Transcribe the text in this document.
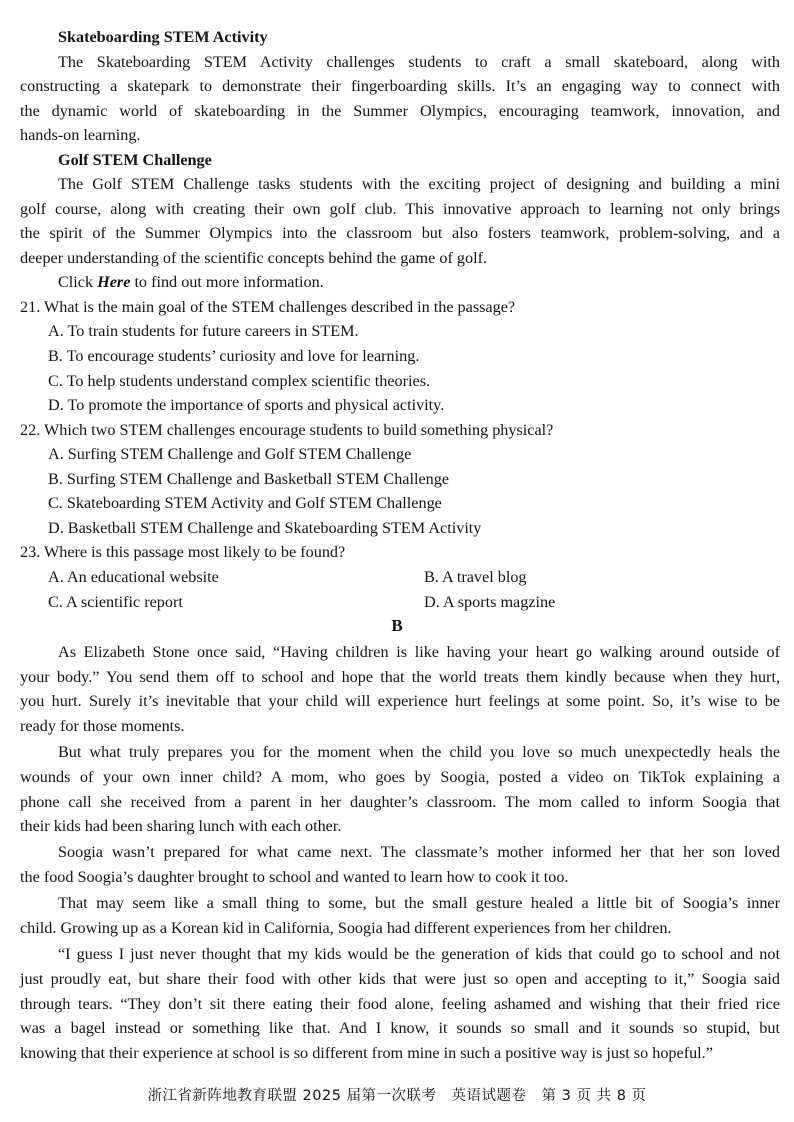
Skateboarding STEM Activity
The Skateboarding STEM Activity challenges students to craft a small skateboard, along with
constructing a skatepark to demonstrate their fingerboarding skills. It’s an engaging way to connect with
the dynamic world of skateboarding in the Summer Olympics, encouraging teamwork, innovation, and
hands-on learning.
Golf STEM Challenge
The Golf STEM Challenge tasks students with the exciting project of designing and building a mini
golf course, along with creating their own golf club. This innovative approach to learning not only brings
the spirit of the Summer Olympics into the classroom but also fosters teamwork, problem-solving, and a
deeper understanding of the scientific concepts behind the game of golf.
Click Here to find out more information.
21. What is the main goal of the STEM challenges described in the passage?
A. To train students for future careers in STEM.
B. To encourage students’ curiosity and love for learning.
C. To help students understand complex scientific theories.
D. To promote the importance of sports and physical activity.
22. Which two STEM challenges encourage students to build something physical?
A. Surfing STEM Challenge and Golf STEM Challenge
B. Surfing STEM Challenge and Basketball STEM Challenge
C. Skateboarding STEM Activity and Golf STEM Challenge
D. Basketball STEM Challenge and Skateboarding STEM Activity
23. Where is this passage most likely to be found?
A. An educational website	B. A travel blog
C. A scientific report	D. A sports magzine
B
As Elizabeth Stone once said, “Having children is like having your heart go walking around outside of
your body.” You send them off to school and hope that the world treats them kindly because when they hurt,
you hurt. Surely it’s inevitable that your child will experience hurt feelings at some point. So, it’s wise to be
ready for those moments.
But what truly prepares you for the moment when the child you love so much unexpectedly heals the
wounds of your own inner child? A mom, who goes by Soogia, posted a video on TikTok explaining a
phone call she received from a parent in her daughter’s classroom. The mom called to inform Soogia that
their kids had been sharing lunch with each other.
Soogia wasn’t prepared for what came next. The classmate’s mother informed her that her son loved
the food Soogia’s daughter brought to school and wanted to learn how to cook it too.
That may seem like a small thing to some, but the small gesture healed a little bit of Soogia’s inner
child. Growing up as a Korean kid in California, Soogia had different experiences from her children.
“I guess I just never thought that my kids would be the generation of kids that could go to school and not
just proudly eat, but share their food with other kids that were just so open and accepting to it,” Soogia said
through tears. “They don’t sit there eating their food alone, feeling ashamed and wishing that their fried rice
was a bagel instead or something like that. And I know, it sounds so small and it sounds so stupid, but
knowing that their experience at school is so different from mine in such a positive way is just so hopeful.”
浙江省新阵地教育联盟 2025 届第一次联考　英语试题卷　第 3 页 共 8 页
